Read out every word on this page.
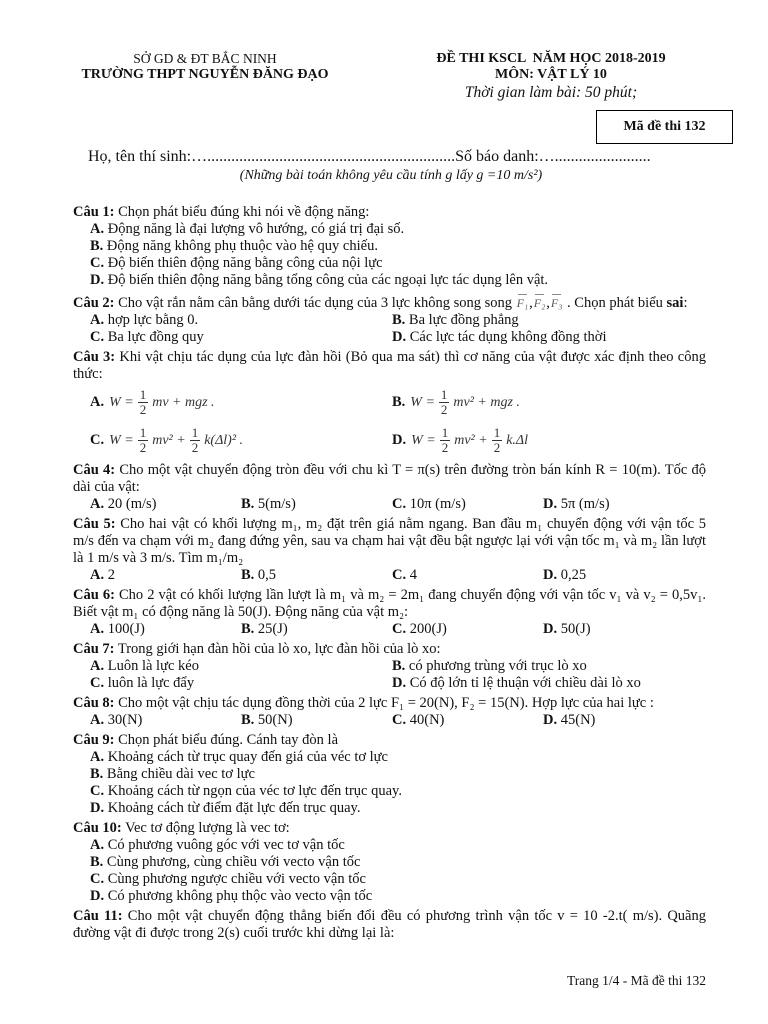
SỞ GD & ĐT BẮC NINH
TRƯỜNG THPT NGUYỄN ĐĂNG ĐẠO
ĐỀ THI KSCL  NĂM HỌC 2018-2019
MÔN: VẬT LÝ 10
Thời gian làm bài: 50 phút;
Mã đề thi 132
Họ, tên thí sinh:…..............................................................Số báo danh:…........................
(Những bài toán không yêu cầu tính g lấy g =10 m/s²)

Câu 1: Chọn phát biểu đúng khi nói về động năng:

A. Động năng là đại lượng vô hướng, có giá trị đại số.
B. Động năng không phụ thuộc vào hệ quy chiếu.
C. Độ biến thiên động năng bằng công của nội lực
D. Độ biến thiên động năng bằng tổng công của các ngoại lực tác dụng lên vật.

Câu 2: Cho vật rắn nằm cân bằng dưới tác dụng của 3 lực không song song F₁,F₂,F₃ . Chọn phát biểu sai:

A. hợp lực bằng 0.	B. Ba lực đồng phẳng
C. Ba lực đồng quy	D. Các lực tác dụng không đồng thời

Câu 3: Khi vật chịu tác dụng của lực đàn hồi (Bỏ qua ma sát) thì cơ năng của vật được xác định theo công thức:

A. $W = \frac{1}{2}$ mv + mgz .	B. $W = \frac{1}{2} mv^2$ + mgz .
C. $W = \frac{1}{2} mv^2 + \frac{1}{2} k(\Delta l)^2$ .	D. $W = \frac{1}{2} mv^2 + \frac{1}{2} k.\Delta l$

Câu 4: Cho một vật chuyển động tròn đều với chu kì T = π(s) trên đường tròn bán kính R = 10(m). Tốc độ dài của vật:

A. 20 (m/s)	B. 5(m/s)	C. 10π (m/s)	D. 5π (m/s)

Câu 5: Cho hai vật có khối lượng m₁, m₂ đặt trên giá nằm ngang. Ban đầu m₁ chuyển động với vận tốc 5 m/s đến va chạm với m₂ đang đứng yên, sau va chạm hai vật đều bật ngược lại với vận tốc m₁ và m₂ lần lượt là 1 m/s và 3 m/s. Tìm m₁/m₂

A. 2	B. 0,5	C. 4	D. 0,25

Câu 6: Cho 2 vật có khối lượng lần lượt là m₁ và m₂ = 2m₁ đang chuyển động với vận tốc v₁ và v₂ = 0,5v₁. Biết vật m₁ có động năng là 50(J). Động năng của vật m₂:

A. 100(J)	B. 25(J)	C. 200(J)	D. 50(J)

Câu 7: Trong giới hạn đàn hồi của lò xo, lực đàn hồi của lò xo:

A. Luôn là lực kéo	B. có phương trùng với trục lò xo
C. luôn là lực đẩy	D. Có độ lớn tỉ lệ thuận với chiều dài lò xo

Câu 8: Cho một vật chịu tác dụng đồng thời của 2 lực F₁ = 20(N), F₂ = 15(N). Hợp lực của hai lực :

A. 30(N)	B. 50(N)	C. 40(N)	D. 45(N)

Câu 9: Chọn phát biểu đúng. Cánh tay đòn là

A. Khoảng cách từ trục quay đến giá của véc tơ lực
B. Bằng chiều dài vec tơ lực
C. Khoảng cách từ ngọn của véc tơ lực đến trục quay.
D. Khoảng cách từ điểm đặt lực đến trục quay.

Câu 10: Vec tơ động lượng là vec tơ:

A. Có phương vuông góc với vec tơ vận tốc
B. Cùng phương, cùng chiều với vecto vận tốc
C. Cùng phương ngược chiều với vecto vận tốc
D. Có phương không phụ thộc vào vecto vận tốc

Câu 11: Cho một vật chuyển động thẳng biến đổi đều có phương trình vận tốc v = 10 -2.t( m/s). Quãng đường vật đi được trong 2(s) cuối trước khi dừng lại là:

Trang 1/4 - Mã đề thi 132
